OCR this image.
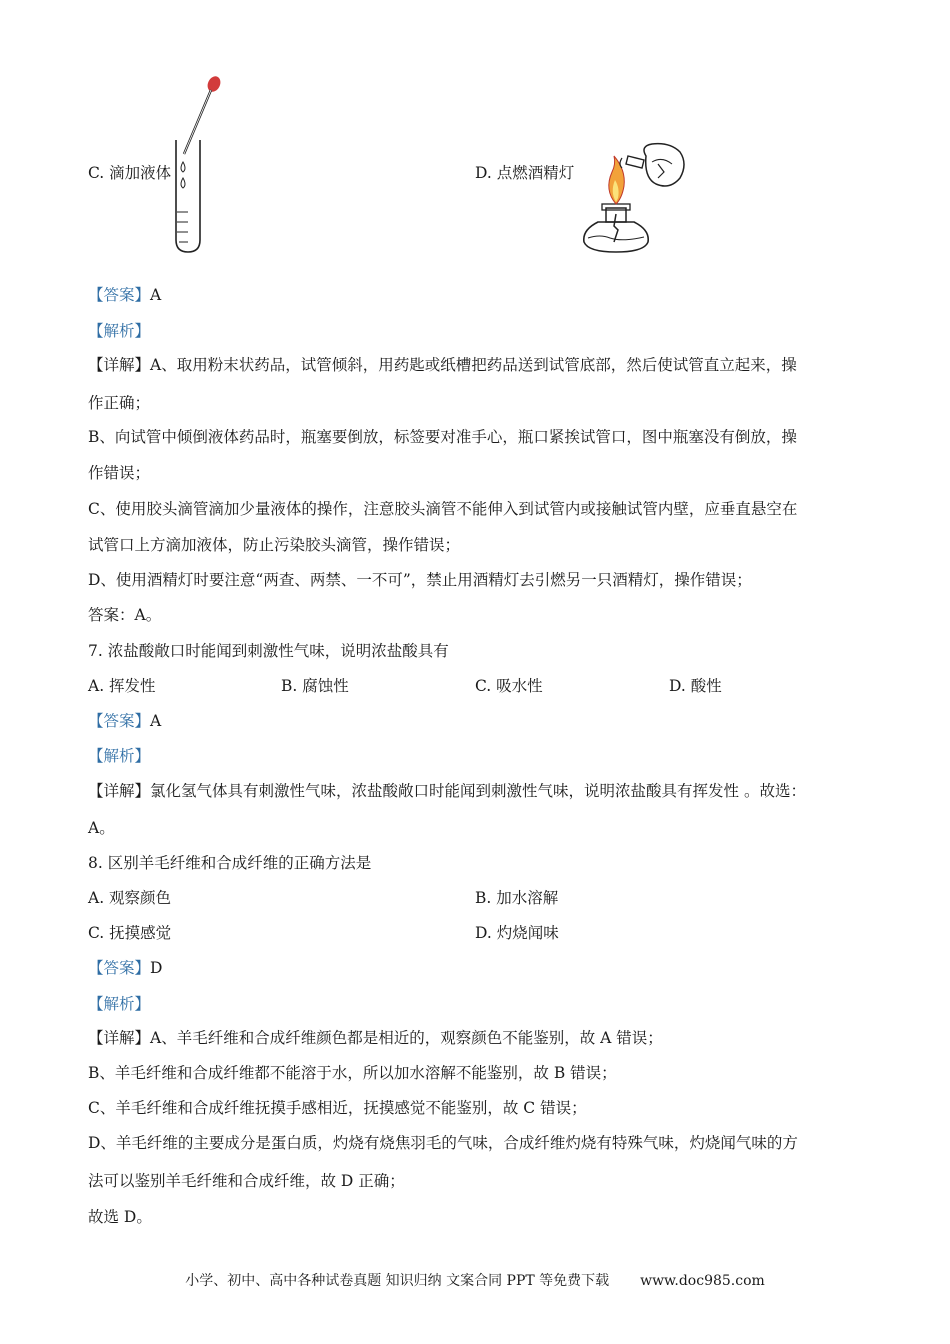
C. 滴加液体	D. 点燃酒精灯
【答案】A
【解析】
【详解】A、取用粉末状药品，试管倾斜，用药匙或纸槽把药品送到试管底部，然后使试管直立起来，操
作正确；
B、向试管中倾倒液体药品时，瓶塞要倒放，标签要对准手心，瓶口紧挨试管口，图中瓶塞没有倒放，操
作错误；
C、使用胶头滴管滴加少量液体的操作，注意胶头滴管不能伸入到试管内或接触试管内壁，应垂直悬空在
试管口上方滴加液体，防止污染胶头滴管，操作错误；
D、使用酒精灯时要注意“两查、两禁、一不可”，禁止用酒精灯去引燃另一只酒精灯，操作错误；
答案：A。
7. 浓盐酸敞口时能闻到刺激性气味，说明浓盐酸具有
A. 挥发性	B. 腐蚀性	C. 吸水性	D. 酸性
【答案】A
【解析】
【详解】氯化氢气体具有刺激性气味，浓盐酸敞口时能闻到刺激性气味，说明浓盐酸具有挥发性 。故选：
A。
8. 区别羊毛纤维和合成纤维的正确方法是
A. 观察颜色	B. 加水溶解
C. 抚摸感觉	D. 灼烧闻味
【答案】D
【解析】
【详解】A、羊毛纤维和合成纤维颜色都是相近的，观察颜色不能鉴别，故 A 错误；
B、羊毛纤维和合成纤维都不能溶于水，所以加水溶解不能鉴别，故 B 错误；
C、羊毛纤维和合成纤维抚摸手感相近，抚摸感觉不能鉴别，故 C 错误；
D、羊毛纤维的主要成分是蛋白质，灼烧有烧焦羽毛的气味，合成纤维灼烧有特殊气味，灼烧闻气味的方
法可以鉴别羊毛纤维和合成纤维，故 D 正确；
故选 D。
小学、初中、高中各种试卷真题 知识归纳 文案合同 PPT 等免费下载 www.doc985.com
